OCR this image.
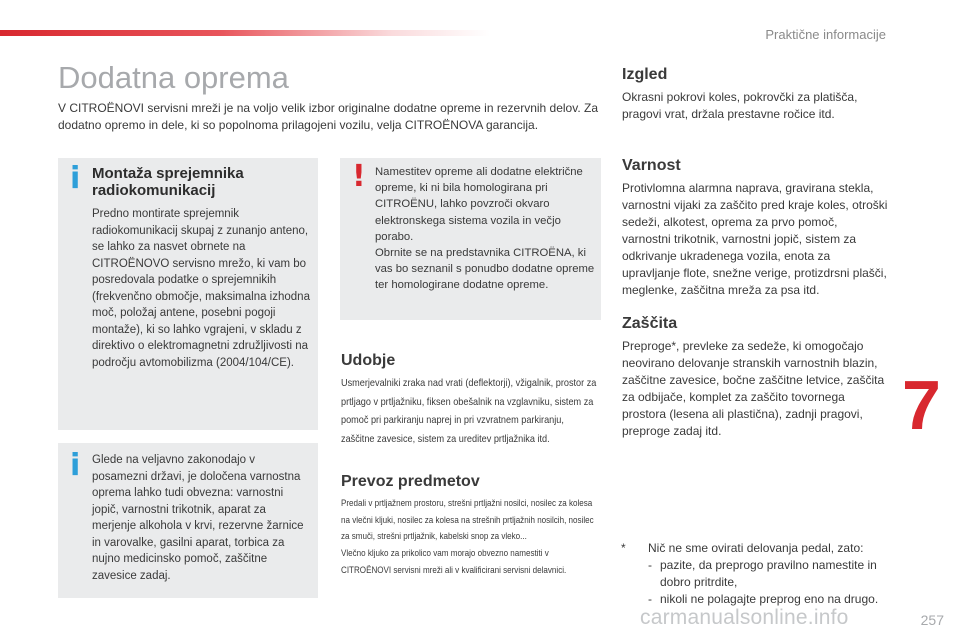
Praktične informacije
Dodatna oprema

V CITROËNOVI servisni mreži je na voljo velik izbor originalne dodatne opreme in rezervnih delov. Za dodatno opremo in dele, ki so popolnoma prilagojeni vozilu, velja CITROËNOVA garancija.

i Montaža sprejemnika radiokomunikacij
Predno montirate sprejemnik radiokomunikacij skupaj z zunanjo anteno, se lahko za nasvet obrnete na CITROËNOVO servisno mrežo, ki vam bo posredovala podatke o sprejemnikih (frekvenčno območje, maksimalna izhodna moč, položaj antene, posebni pogoji montaže), ki so lahko vgrajeni, v skladu z direktivo o elektromagnetni združljivosti na področju avtomobilizma (2004/104/CE).
i Glede na veljavno zakonodajo v posamezni državi, je določena varnostna oprema lahko tudi obvezna: varnostni jopič, varnostni trikotnik, aparat za merjenje alkohola v krvi, rezervne žarnice in varovalke, gasilni aparat, torbica za nujno medicinsko pomoč, zaščitne zavesice zadaj.
! Namestitev opreme ali dodatne električne opreme, ki ni bila homologirana pri CITROËNU, lahko povzroči okvaro elektronskega sistema vozila in večjo porabo.

Obrnite se na predstavnika CITROËNA, ki vas bo seznanil s ponudbo dodatne opreme ter homologirane dodatne opreme.

Udobje

Usmerjevalniki zraka nad vrati (deflektorji), vžigalnik, prostor za prtljago v prtljažniku, fiksen obešalnik na vzglavniku, sistem za pomoč pri parkiranju naprej in pri vzvratnem parkiranju, zaščitne zavesice, sistem za ureditev prtljažnika itd.

Prevoz predmetov

Predali v prtljažnem prostoru, strešni prtljažni nosilci, nosilec za kolesa na vlečni kljuki, nosilec za kolesa na strešnih prtljažnih nosilcih, nosilec za smuči, strešni prtljažnik, kabelski snop za vleko...

Vlečno kljuko za prikolico vam morajo obvezno namestiti v CITROËNOVI servisni mreži ali v kvalificirani servisni delavnici.

Izgled

Okrasni pokrovi koles, pokrovčki za platišča, pragovi vrat, držala prestavne ročice itd.

Varnost

Protivlomna alarmna naprava, gravirana stekla, varnostni vijaki za zaščito pred kraje koles, otroški sedeži, alkotest, oprema za prvo pomoč, varnostni trikotnik, varnostni jopič, sistem za odkrivanje ukradenega vozila, enota za upravljanje flote, snežne verige, protizdrsni plašči, meglenke, zaščitna mreža za psa itd.

Zaščita

Preproge*, prevleke za sedeže, ki omogočajo neovirano delovanje stranskih varnostnih blazin, zaščitne zavesice, bočne zaščitne letvice, zaščita za odbijače, komplet za zaščito tovornega prostora (lesena ali plastična), zadnji pragovi, preproge zadaj itd.

*	Nič ne sme ovirati delovanja pedal, zato:
- pazite, da preprogo pravilno namestite in dobro pritrdite,
- nikoli ne polagajte preprog eno na drugo.
7
carmanualsonline.info	257
